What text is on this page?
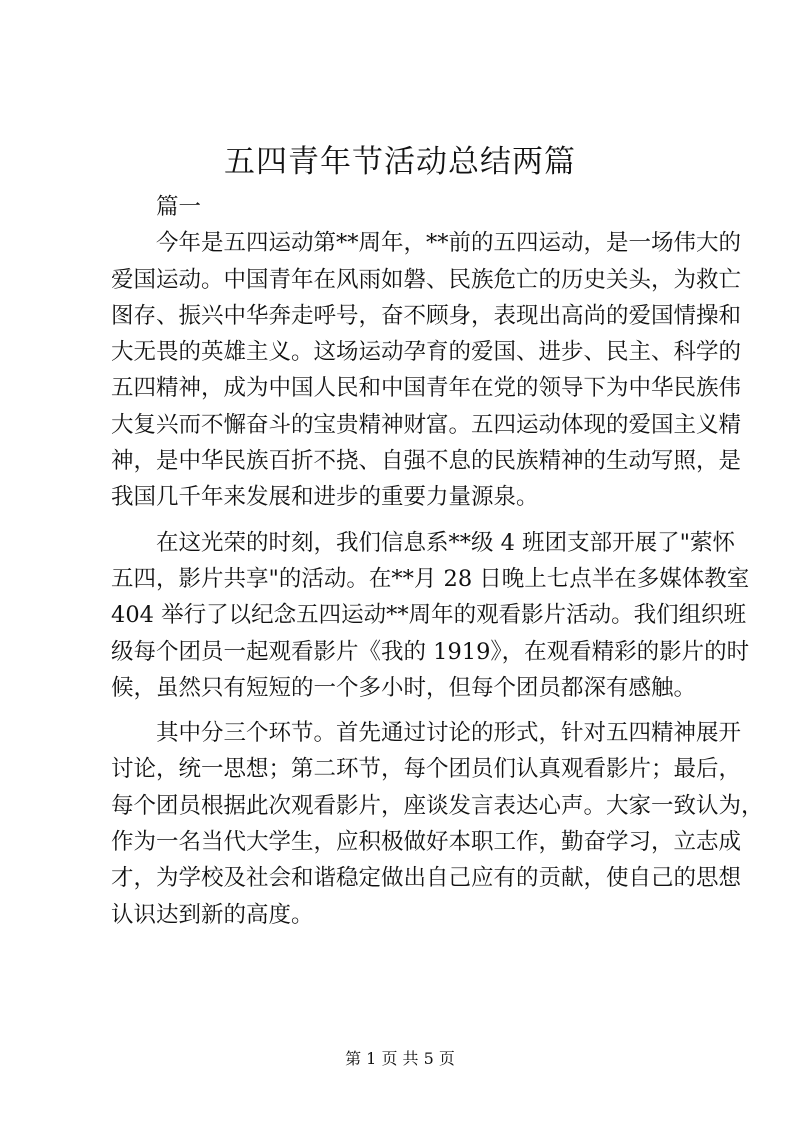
五四青年节活动总结两篇
篇一
今年是五四运动第**周年，**前的五四运动，是一场伟大的
爱国运动。中国青年在风雨如磐、民族危亡的历史关头，为救亡
图存、振兴中华奔走呼号，奋不顾身，表现出高尚的爱国情操和
大无畏的英雄主义。这场运动孕育的爱国、进步、民主、科学的
五四精神，成为中国人民和中国青年在党的领导下为中华民族伟
大复兴而不懈奋斗的宝贵精神财富。五四运动体现的爱国主义精
神，是中华民族百折不挠、自强不息的民族精神的生动写照，是
我国几千年来发展和进步的重要力量源泉。
在这光荣的时刻，我们信息系**级 4 班团支部开展了"萦怀
五四，影片共享"的活动。在**月 28 日晚上七点半在多媒体教室
404 举行了以纪念五四运动**周年的观看影片活动。我们组织班
级每个团员一起观看影片《我的 1919》，在观看精彩的影片的时
候，虽然只有短短的一个多小时，但每个团员都深有感触。
其中分三个环节。首先通过讨论的形式，针对五四精神展开
讨论，统一思想；第二环节，每个团员们认真观看影片；最后，
每个团员根据此次观看影片，座谈发言表达心声。大家一致认为，
作为一名当代大学生，应积极做好本职工作，勤奋学习，立志成
才，为学校及社会和谐稳定做出自己应有的贡献，使自己的思想
认识达到新的高度。
第 1 页 共 5 页
